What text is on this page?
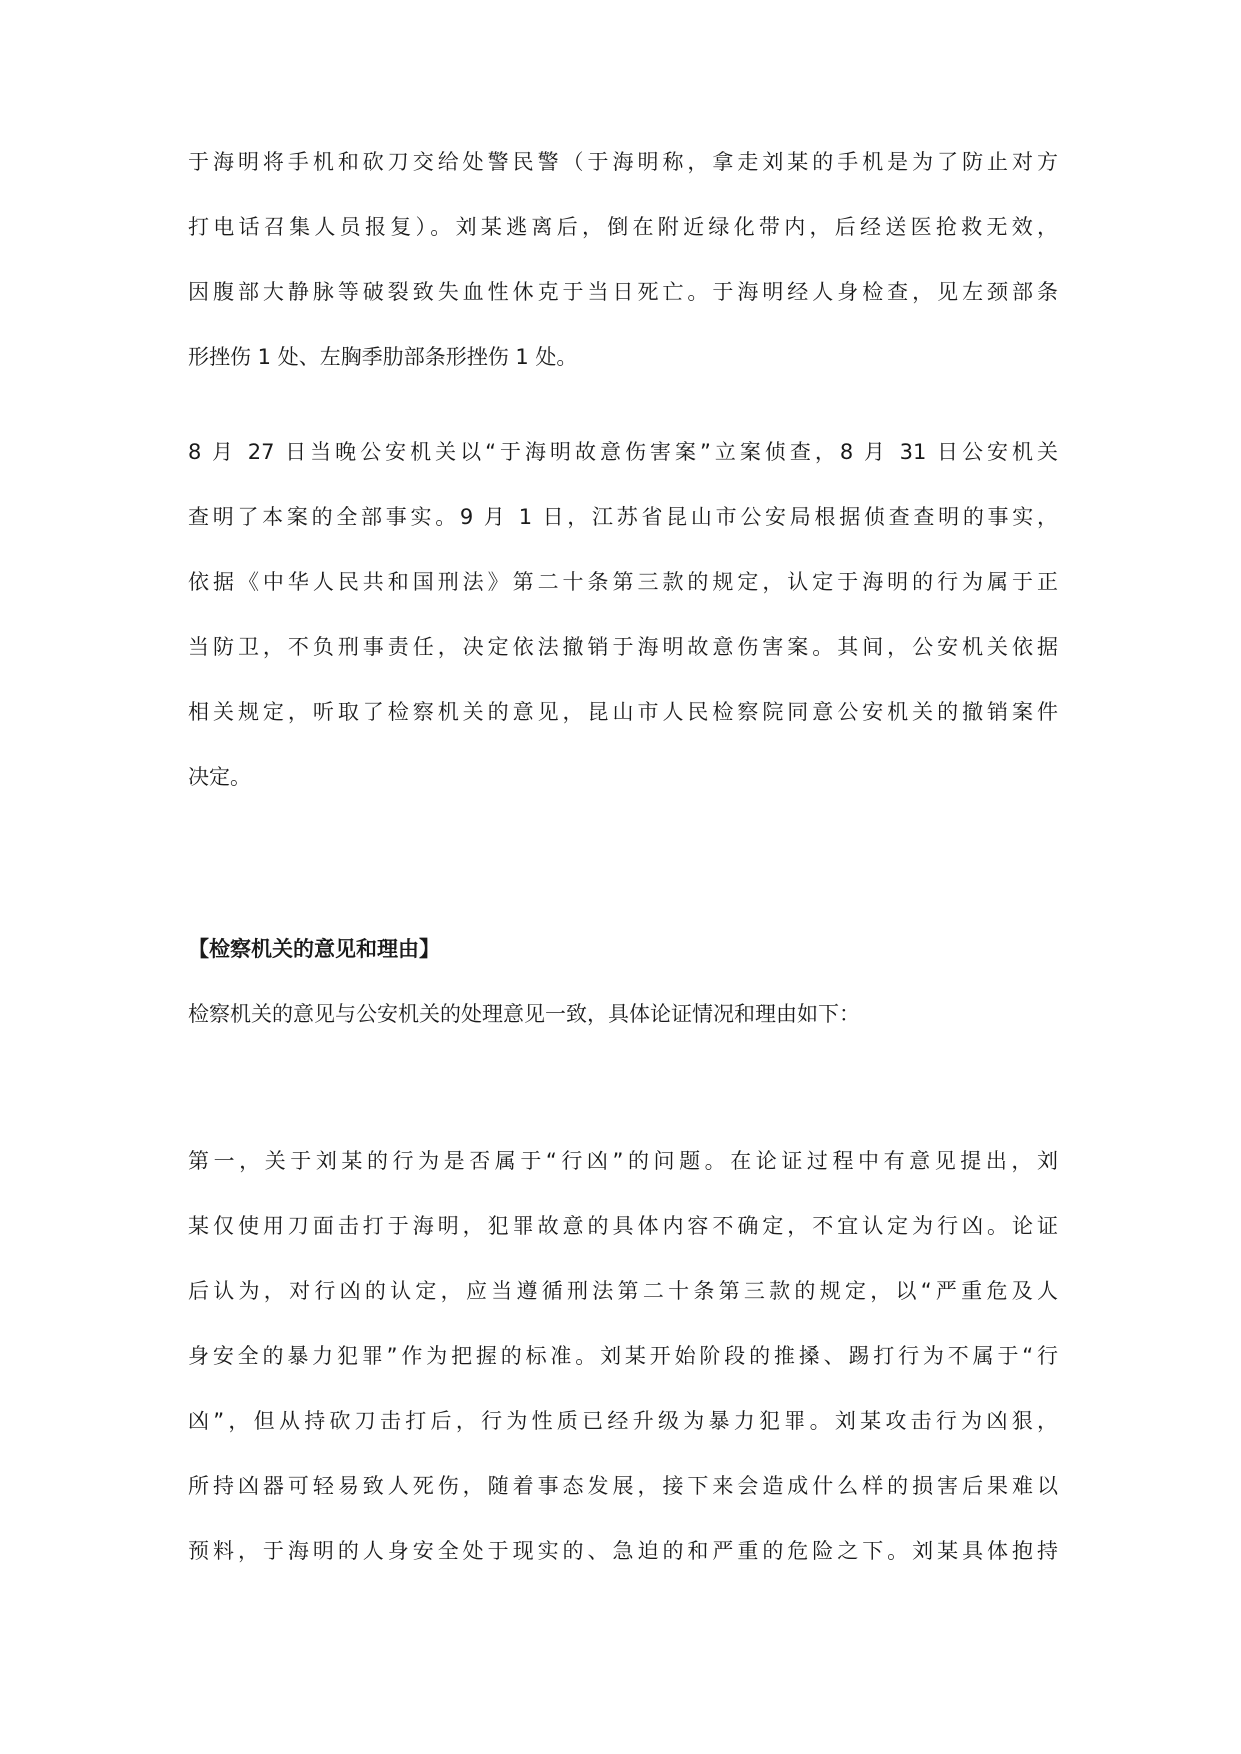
于海明将手机和砍刀交给处警民警（于海明称，拿走刘某的手机是为了防止对方
打电话召集人员报复）。刘某逃离后，倒在附近绿化带内，后经送医抢救无效，
因腹部大静脉等破裂致失血性休克于当日死亡。于海明经人身检查，见左颈部条
形挫伤 1 处、左胸季肋部条形挫伤 1 处。
8 月 27 日当晚公安机关以“于海明故意伤害案”立案侦查，8 月 31 日公安机关
查明了本案的全部事实。9 月 1 日，江苏省昆山市公安局根据侦查查明的事实，
依据《中华人民共和国刑法》第二十条第三款的规定，认定于海明的行为属于正
当防卫，不负刑事责任，决定依法撤销于海明故意伤害案。其间，公安机关依据
相关规定，听取了检察机关的意见，昆山市人民检察院同意公安机关的撤销案件
决定。
【检察机关的意见和理由】
检察机关的意见与公安机关的处理意见一致，具体论证情况和理由如下：
第一，关于刘某的行为是否属于“行凶”的问题。在论证过程中有意见提出，刘
某仅使用刀面击打于海明，犯罪故意的具体内容不确定，不宜认定为行凶。论证
后认为，对行凶的认定，应当遵循刑法第二十条第三款的规定，以“严重危及人
身安全的暴力犯罪”作为把握的标准。刘某开始阶段的推搡、踢打行为不属于“行
凶”，但从持砍刀击打后，行为性质已经升级为暴力犯罪。刘某攻击行为凶狠，
所持凶器可轻易致人死伤，随着事态发展，接下来会造成什么样的损害后果难以
预料，于海明的人身安全处于现实的、急迫的和严重的危险之下。刘某具体抱持
